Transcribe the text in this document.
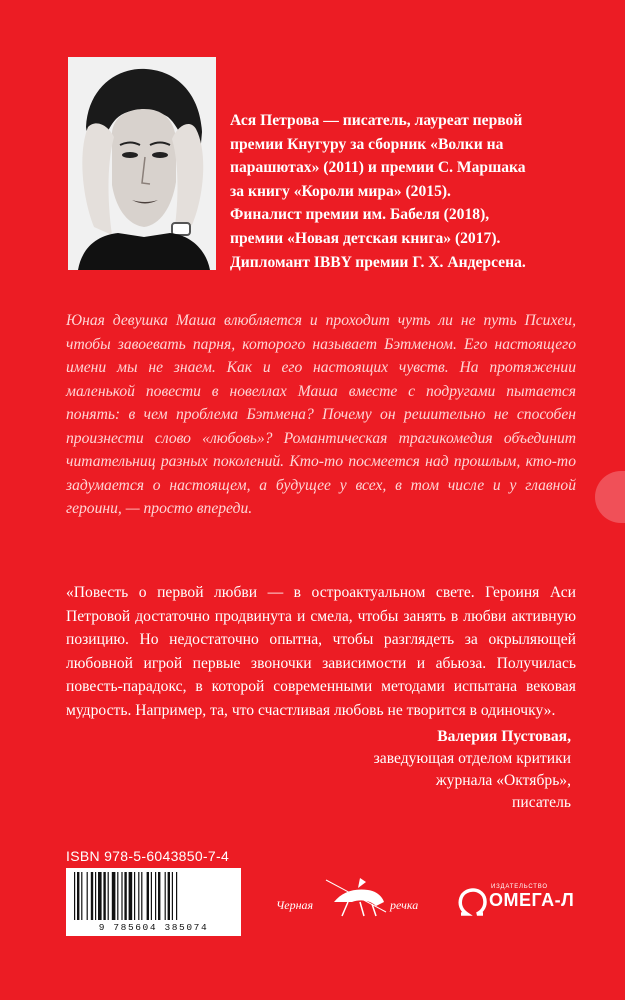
Ася Петрова — писатель, лауреат первой
премии Кнугуру за сборник «Волки на
парашютах» (2011) и премии С. Маршака
за книгу «Короли мира» (2015).
Финалист премии им. Бабеля (2018),
премии «Новая детская книга» (2017).
Дипломант IBBY премии Г. Х. Андерсена.
Юная девушка Маша влюбляется и проходит чуть ли не путь Психеи, чтобы завоевать парня, которого называет Бэтменом. Его настоящего имени мы не знаем. Как и его настоящих чувств. На протяжении маленькой повести в новеллах Маша вместе с подругами пытается понять: в чем проблема Бэтмена? Почему он решительно не способен произнести слово «любовь»? Романтическая трагикомедия объединит читательниц разных поколений. Кто-то посмеется над прошлым, кто-то задумается о настоящем, а будущее у всех, в том числе и у главной героини, — просто впереди.
«Повесть о первой любви — в остроактуальном свете. Героиня Аси Петровой достаточно продвинута и смела, чтобы занять в любви активную позицию. Но недостаточно опытна, чтобы разглядеть за окрыляющей любовной игрой первые звоночки зависимости и абьюза. Получилась повесть-парадокс, в которой современными методами испытана вековая мудрость. Например, та, что счастливая любовь не творится в одиночку».
Валерия Пустовая,
заведующая отделом критики
журнала «Октябрь»,
писатель
ISBN 978-5-6043850-7-4
9 785604 385074
Черная	речка
ИЗДАТЕЛЬСТВО
ОМЕГА-Л
